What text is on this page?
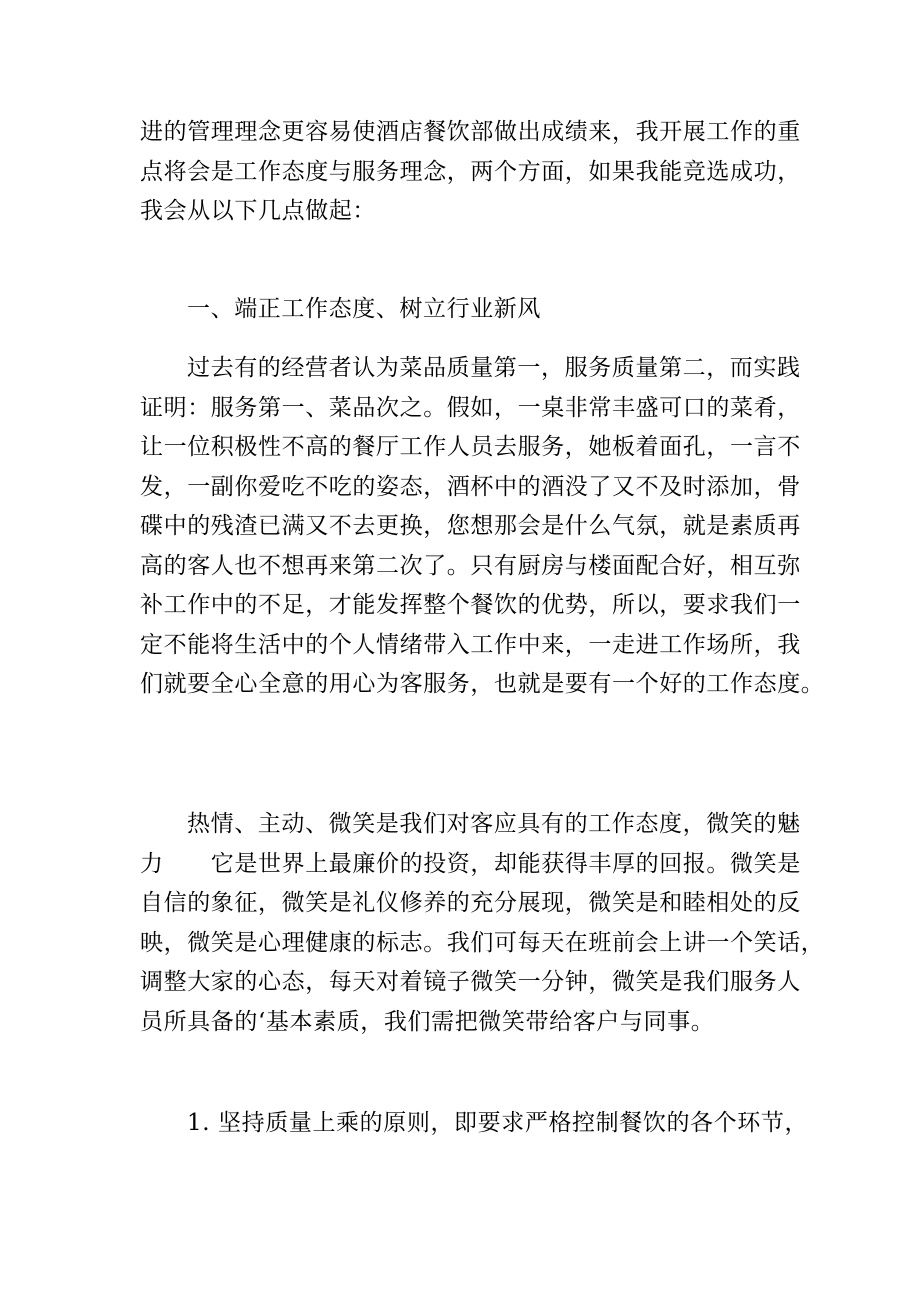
进的管理理念更容易使酒店餐饮部做出成绩来，我开展工作的重
点将会是工作态度与服务理念，两个方面，如果我能竞选成功，
我会从以下几点做起：
一、端正工作态度、树立行业新风
过去有的经营者认为菜品质量第一，服务质量第二，而实践
证明：服务第一、菜品次之。假如，一桌非常丰盛可口的菜肴，
让一位积极性不高的餐厅工作人员去服务，她板着面孔，一言不
发，一副你爱吃不吃的姿态，酒杯中的酒没了又不及时添加，骨
碟中的残渣已满又不去更换，您想那会是什么气氛，就是素质再
高的客人也不想再来第二次了。只有厨房与楼面配合好，相互弥
补工作中的不足，才能发挥整个餐饮的优势，所以，要求我们一
定不能将生活中的个人情绪带入工作中来，一走进工作场所，我
们就要全心全意的用心为客服务，也就是要有一个好的工作态度。
热情、主动、微笑是我们对客应具有的工作态度，微笑的魅
力　　它是世界上最廉价的投资，却能获得丰厚的回报。微笑是
自信的象征，微笑是礼仪修养的充分展现，微笑是和睦相处的反
映，微笑是心理健康的标志。我们可每天在班前会上讲一个笑话，
调整大家的心态，每天对着镜子微笑一分钟，微笑是我们服务人
员所具备的‘基本素质，我们需把微笑带给客户与同事。
1. 坚持质量上乘的原则，即要求严格控制餐饮的各个环节，
